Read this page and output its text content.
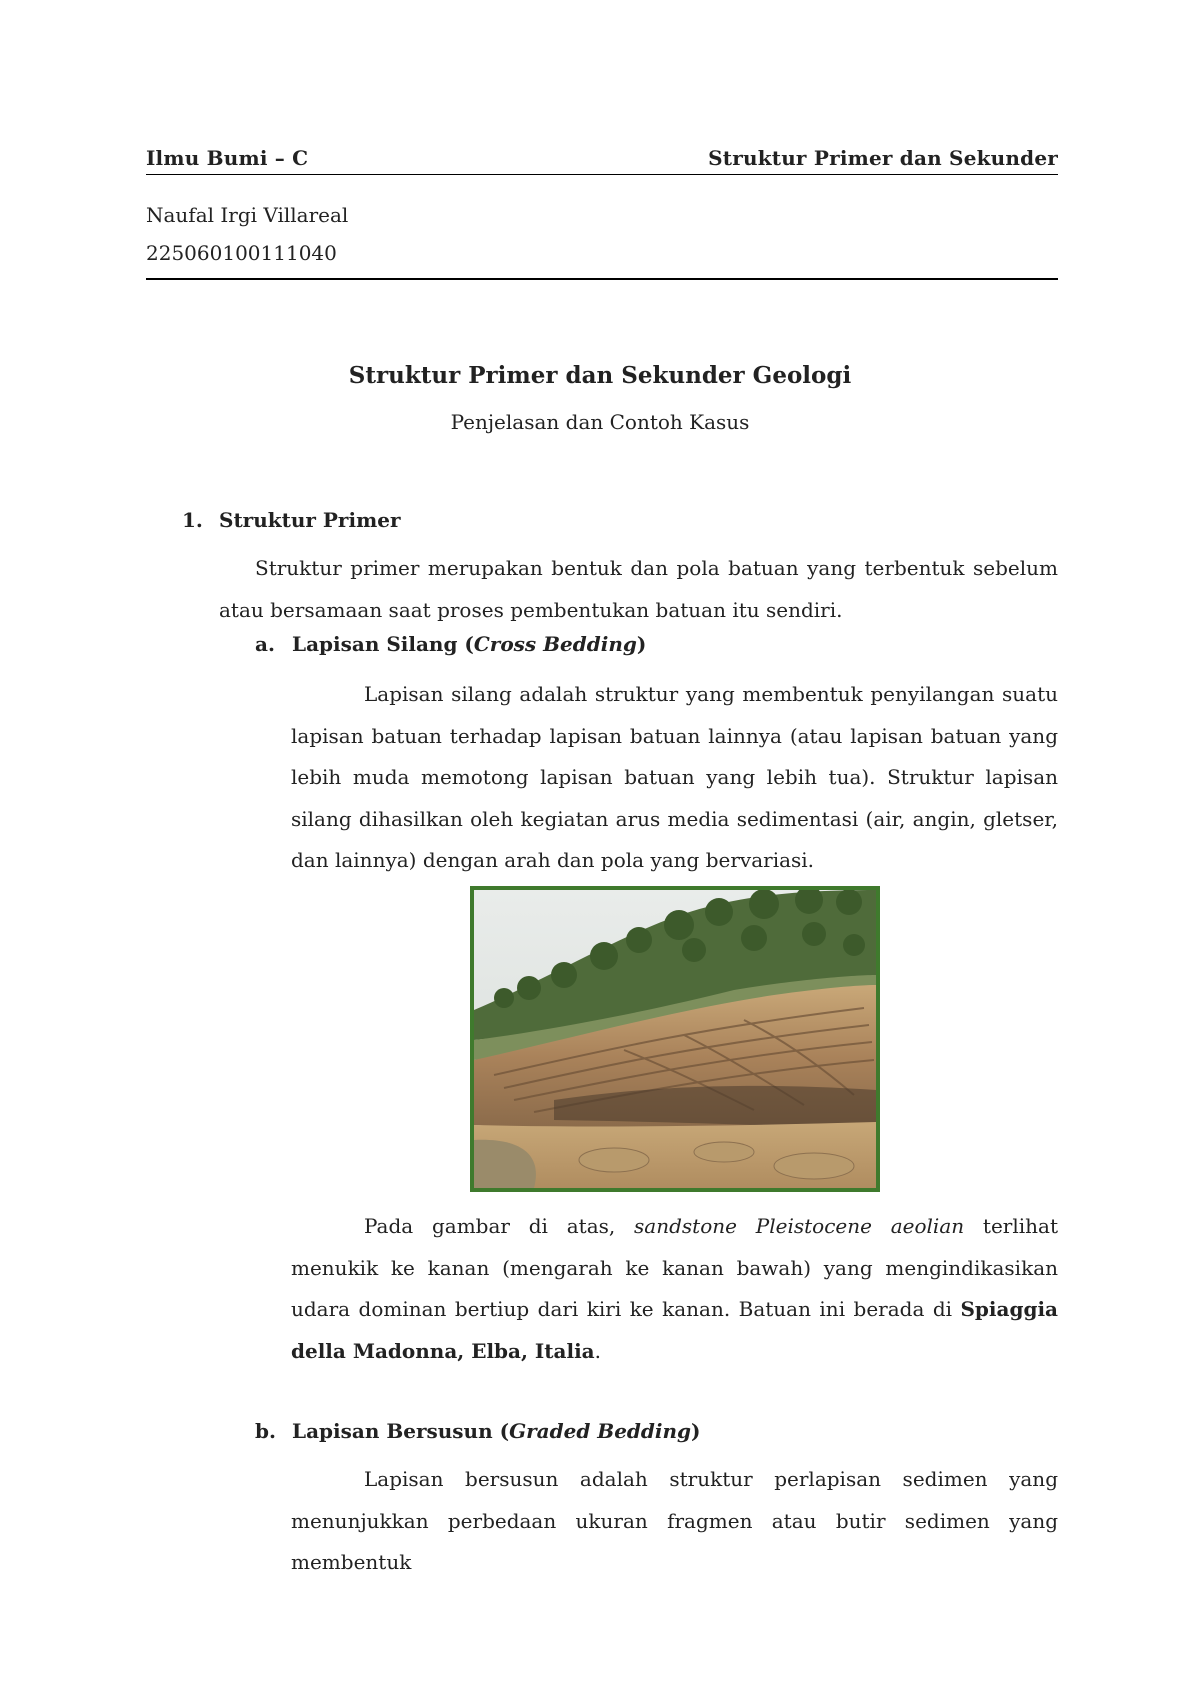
Ilmu Bumi – C	Struktur Primer dan Sekunder
Naufal Irgi Villareal
225060100111040
Struktur Primer dan Sekunder Geologi
Penjelasan dan Contoh Kasus
1. Struktur Primer
Struktur primer merupakan bentuk dan pola batuan yang terbentuk sebelum atau bersamaan saat proses pembentukan batuan itu sendiri.
a. Lapisan Silang (Cross Bedding)
Lapisan silang adalah struktur yang membentuk penyilangan suatu lapisan batuan terhadap lapisan batuan lainnya (atau lapisan batuan yang lebih muda memotong lapisan batuan yang lebih tua). Struktur lapisan silang dihasilkan oleh kegiatan arus media sedimentasi (air, angin, gletser, dan lainnya) dengan arah dan pola yang bervariasi.
Pada gambar di atas, sandstone Pleistocene aeolian terlihat menukik ke kanan (mengarah ke kanan bawah) yang mengindikasikan udara dominan bertiup dari kiri ke kanan. Batuan ini berada di Spiaggia della Madonna, Elba, Italia.
b. Lapisan Bersusun (Graded Bedding)
Lapisan bersusun adalah struktur perlapisan sedimen yang menunjukkan perbedaan ukuran fragmen atau butir sedimen yang membentuk
